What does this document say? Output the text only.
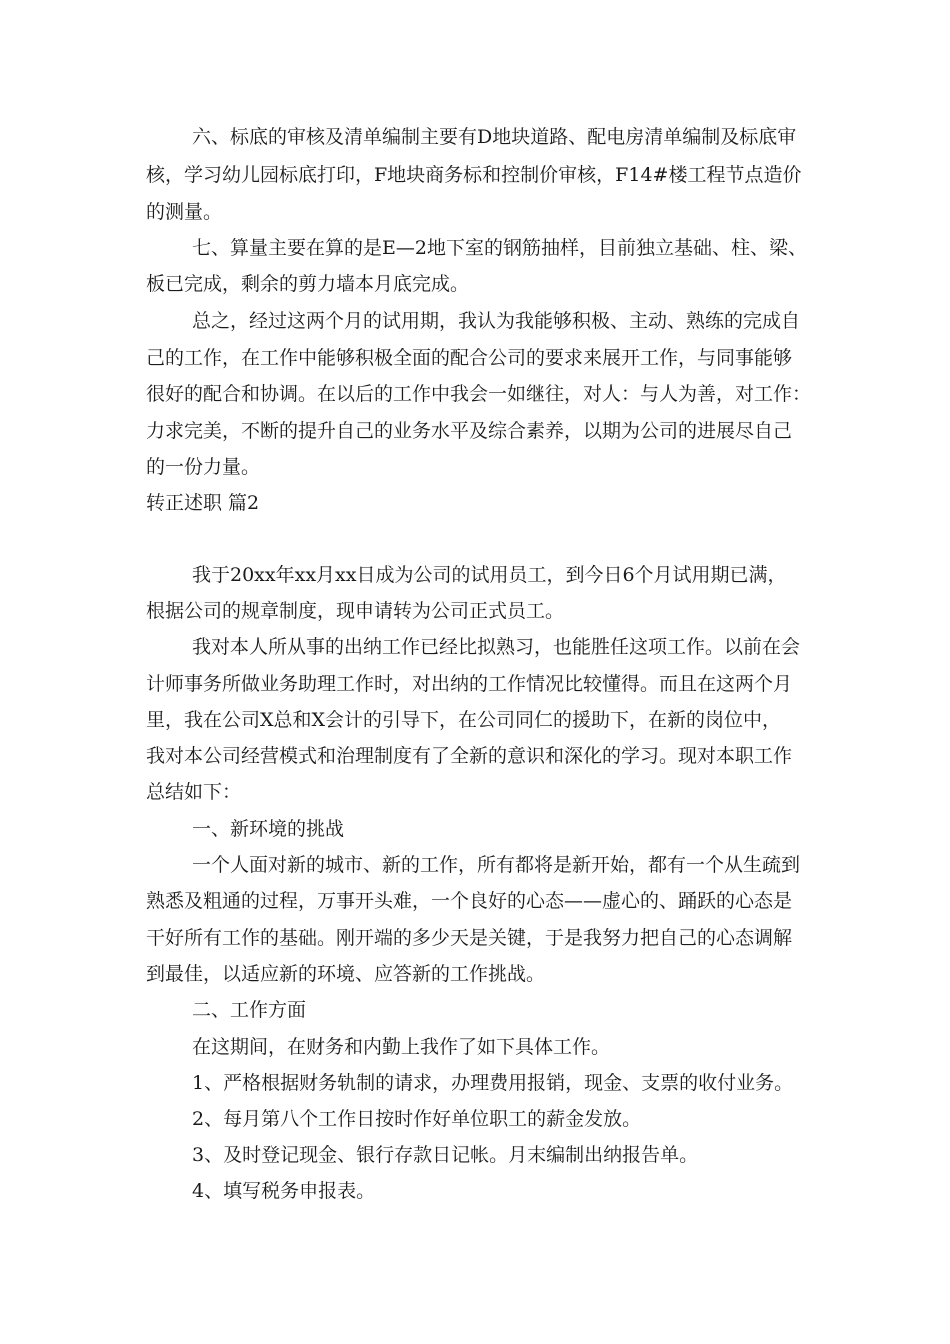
六、标底的审核及清单编制主要有D地块道路、配电房清单编制及标底审
核，学习幼儿园标底打印，F地块商务标和控制价审核，F14#楼工程节点造价
的测量。
七、算量主要在算的是E—2地下室的钢筋抽样，目前独立基础、柱、梁、
板已完成，剩余的剪力墙本月底完成。
总之，经过这两个月的试用期，我认为我能够积极、主动、熟练的完成自
己的工作，在工作中能够积极全面的配合公司的要求来展开工作，与同事能够
很好的配合和协调。在以后的工作中我会一如继往，对人：与人为善，对工作：
力求完美，不断的提升自己的业务水平及综合素养，以期为公司的进展尽自己
的一份力量。
转正述职 篇2
我于20xx年xx月xx日成为公司的试用员工，到今日6个月试用期已满，
根据公司的规章制度，现申请转为公司正式员工。
我对本人所从事的出纳工作已经比拟熟习，也能胜任这项工作。以前在会
计师事务所做业务助理工作时，对出纳的工作情况比较懂得。而且在这两个月
里，我在公司X总和X会计的引导下，在公司同仁的援助下，在新的岗位中，
我对本公司经营模式和治理制度有了全新的意识和深化的学习。现对本职工作
总结如下：
一、新环境的挑战
一个人面对新的城市、新的工作，所有都将是新开始，都有一个从生疏到
熟悉及粗通的过程，万事开头难，一个良好的心态——虚心的、踊跃的心态是
干好所有工作的基础。刚开端的多少天是关键，于是我努力把自己的心态调解
到最佳，以适应新的环境、应答新的工作挑战。
二、工作方面
在这期间，在财务和内勤上我作了如下具体工作。
1、严格根据财务轨制的请求，办理费用报销，现金、支票的收付业务。
2、每月第八个工作日按时作好单位职工的薪金发放。
3、及时登记现金、银行存款日记帐。月末编制出纳报告单。
4、填写税务申报表。
